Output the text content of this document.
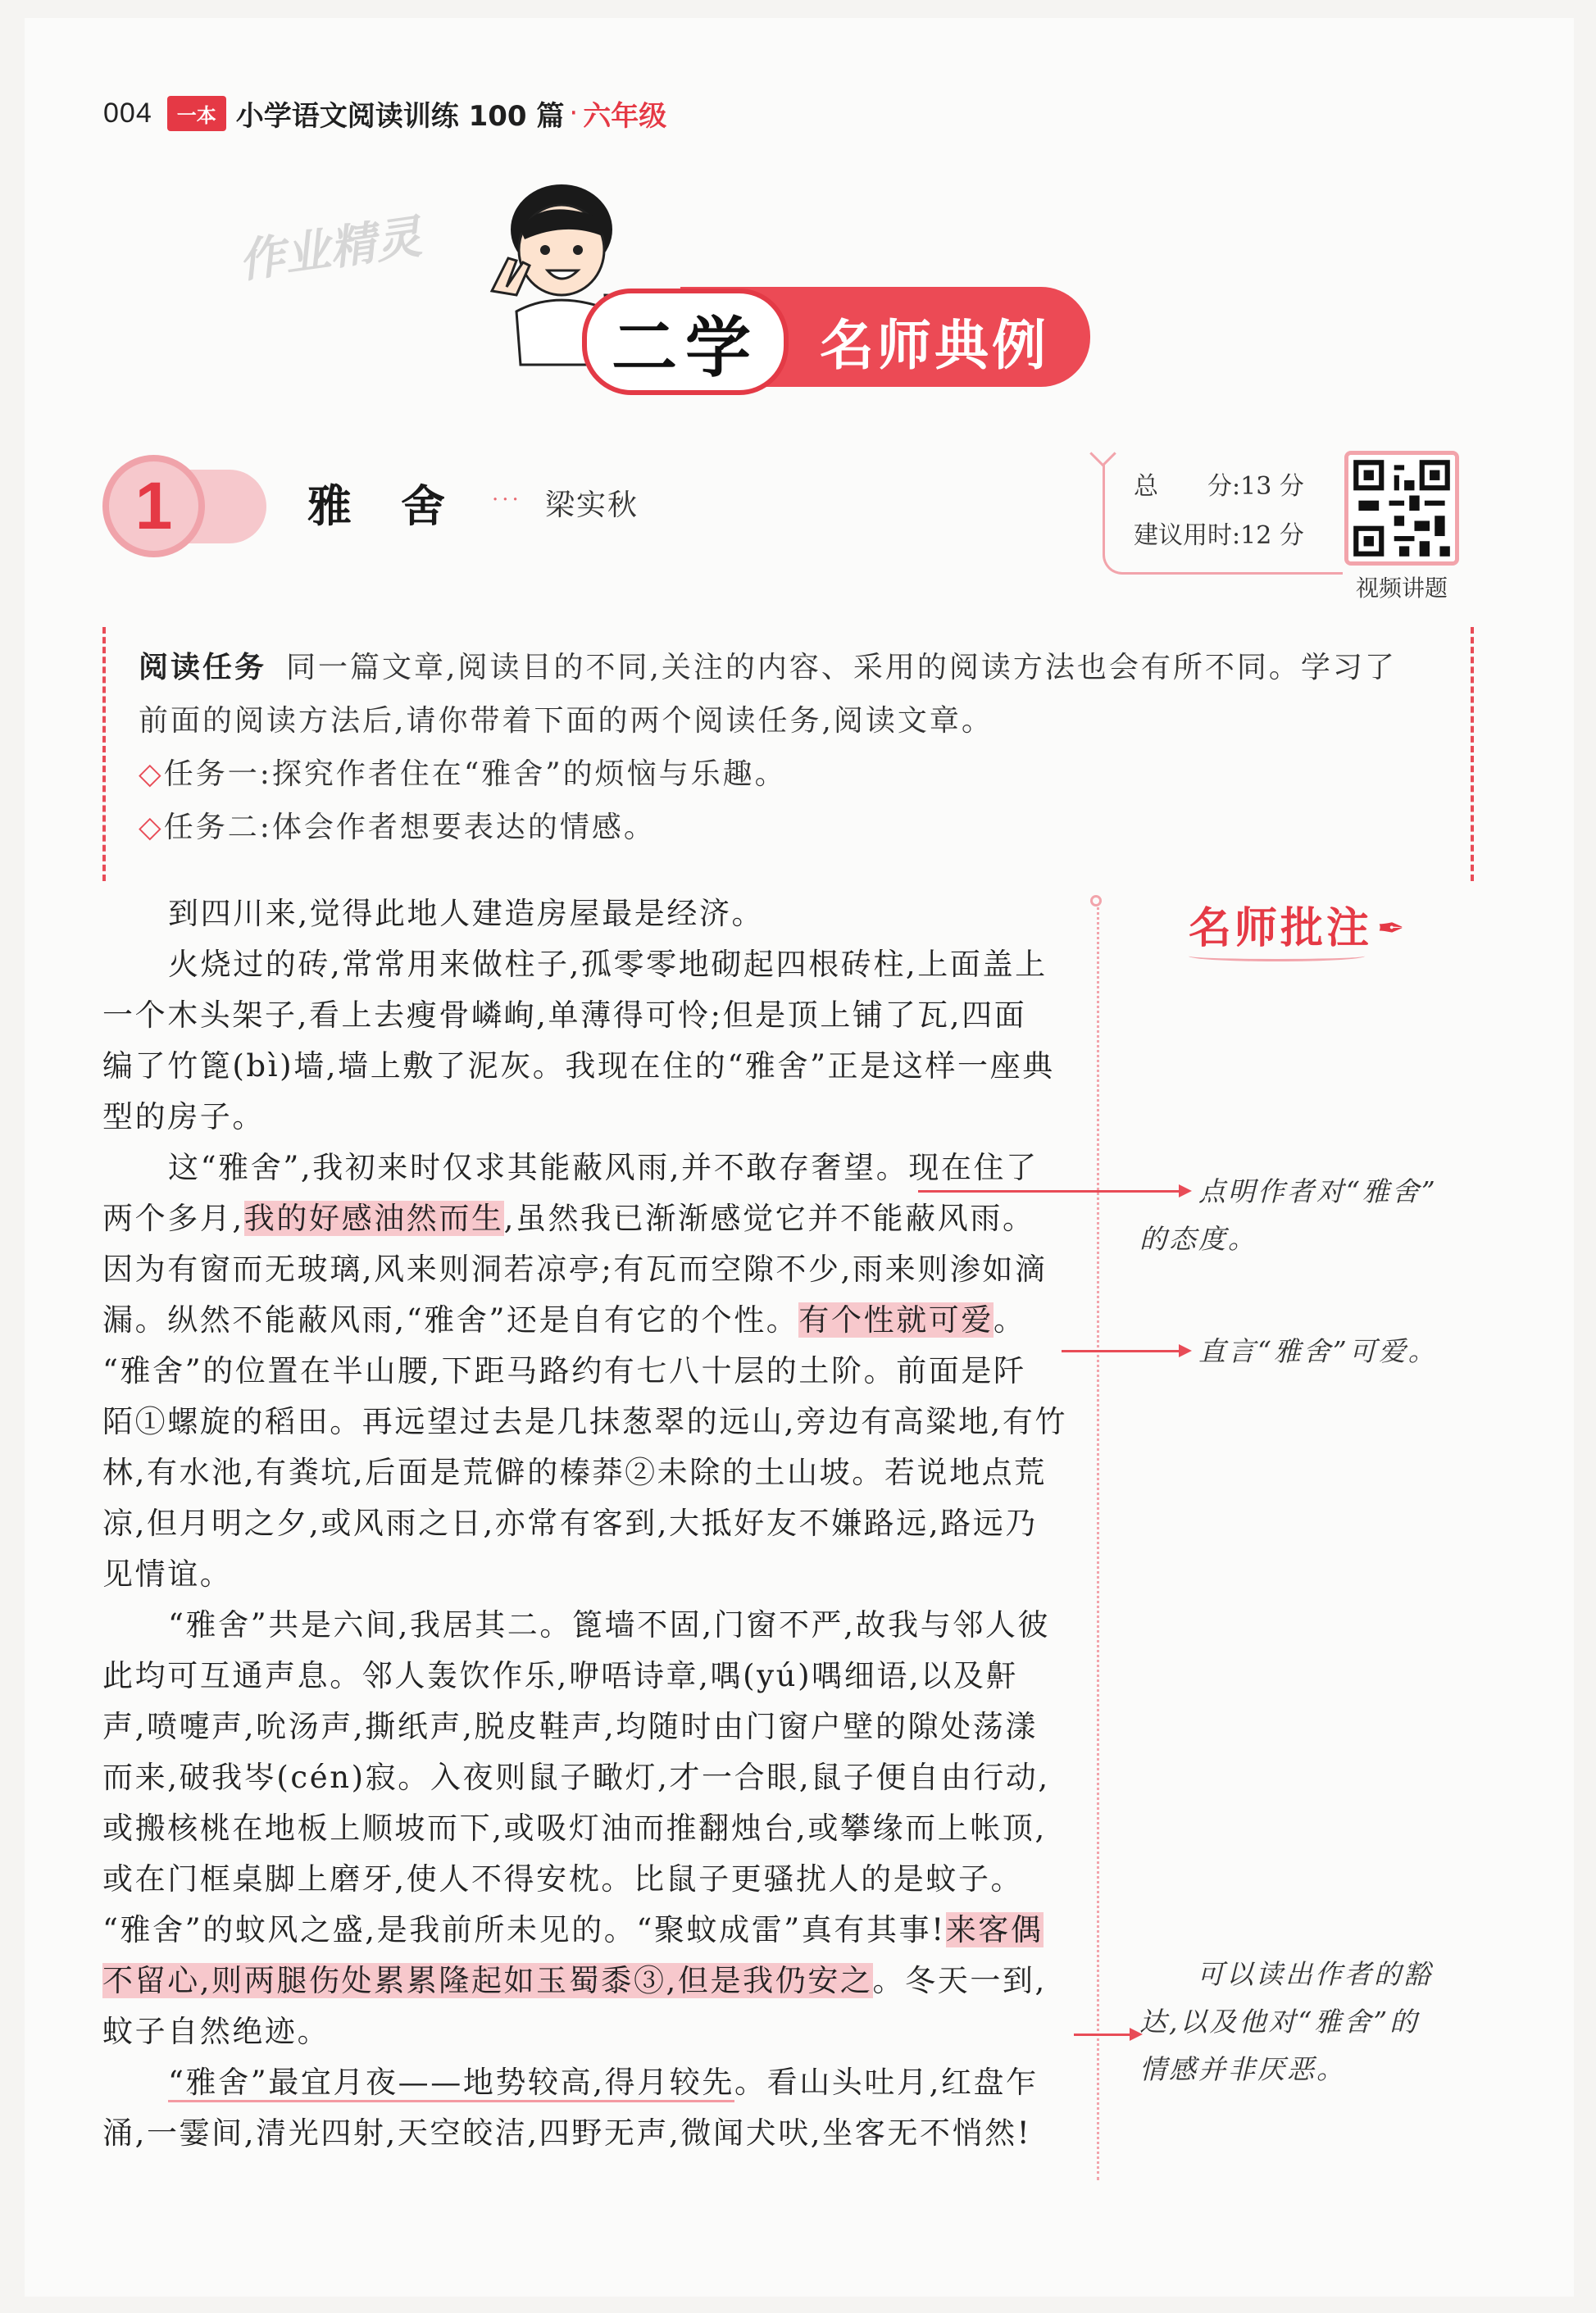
004	一本 小学语文阅读训练 100 篇 · 六年级
作业精灵
名师典例
二学
1	雅舍
··· 梁实秋
总　　分:13 分
建议用时:12 分
视频讲题

阅读任务 同一篇文章,阅读目的不同,关注的内容、采用的阅读方法也会有所不同。学习了

前面的阅读方法后,请你带着下面的两个阅读任务,阅读文章。

◇任务一:探究作者住在“雅舍”的烦恼与乐趣。

◇任务二:体会作者想要表达的情感。

到四川来,觉得此地人建造房屋最是经济。
火烧过的砖,常常用来做柱子,孤零零地砌起四根砖柱,上面盖上
一个木头架子,看上去瘦骨嶙峋,单薄得可怜;但是顶上铺了瓦,四面
编了竹篦(bì)墙,墙上敷了泥灰。我现在住的“雅舍”正是这样一座典
型的房子。
这“雅舍”,我初来时仅求其能蔽风雨,并不敢存奢望。现在住了
两个多月,我的好感油然而生,虽然我已渐渐感觉它并不能蔽风雨。
因为有窗而无玻璃,风来则洞若凉亭;有瓦而空隙不少,雨来则渗如滴
漏。纵然不能蔽风雨,“雅舍”还是自有它的个性。有个性就可爱。
“雅舍”的位置在半山腰,下距马路约有七八十层的土阶。前面是阡
陌①螺旋的稻田。再远望过去是几抹葱翠的远山,旁边有高粱地,有竹
林,有水池,有粪坑,后面是荒僻的榛莽②未除的土山坡。若说地点荒
凉,但月明之夕,或风雨之日,亦常有客到,大抵好友不嫌路远,路远乃
见情谊。
“雅舍”共是六间,我居其二。篦墙不固,门窗不严,故我与邻人彼
此均可互通声息。邻人轰饮作乐,咿唔诗章,喁(yú)喁细语,以及鼾
声,喷嚏声,吮汤声,撕纸声,脱皮鞋声,均随时由门窗户壁的隙处荡漾
而来,破我岑(cén)寂。入夜则鼠子瞰灯,才一合眼,鼠子便自由行动,
或搬核桃在地板上顺坡而下,或吸灯油而推翻烛台,或攀缘而上帐顶,
或在门框桌脚上磨牙,使人不得安枕。比鼠子更骚扰人的是蚊子。
“雅舍”的蚊风之盛,是我前所未见的。“聚蚊成雷”真有其事!来客偶
不留心,则两腿伤处累累隆起如玉蜀黍③,但是我仍安之。冬天一到,
蚊子自然绝迹。
“雅舍”最宜月夜——地势较高,得月较先。看山头吐月,红盘乍
涌,一霎间,清光四射,天空皎洁,四野无声,微闻犬吠,坐客无不悄然!
名师批注 ✒
点明作者对“雅舍”
的态度。
直言“雅舍”可爱。
可以读出作者的豁
达,以及他对“雅舍”的
情感并非厌恶。
